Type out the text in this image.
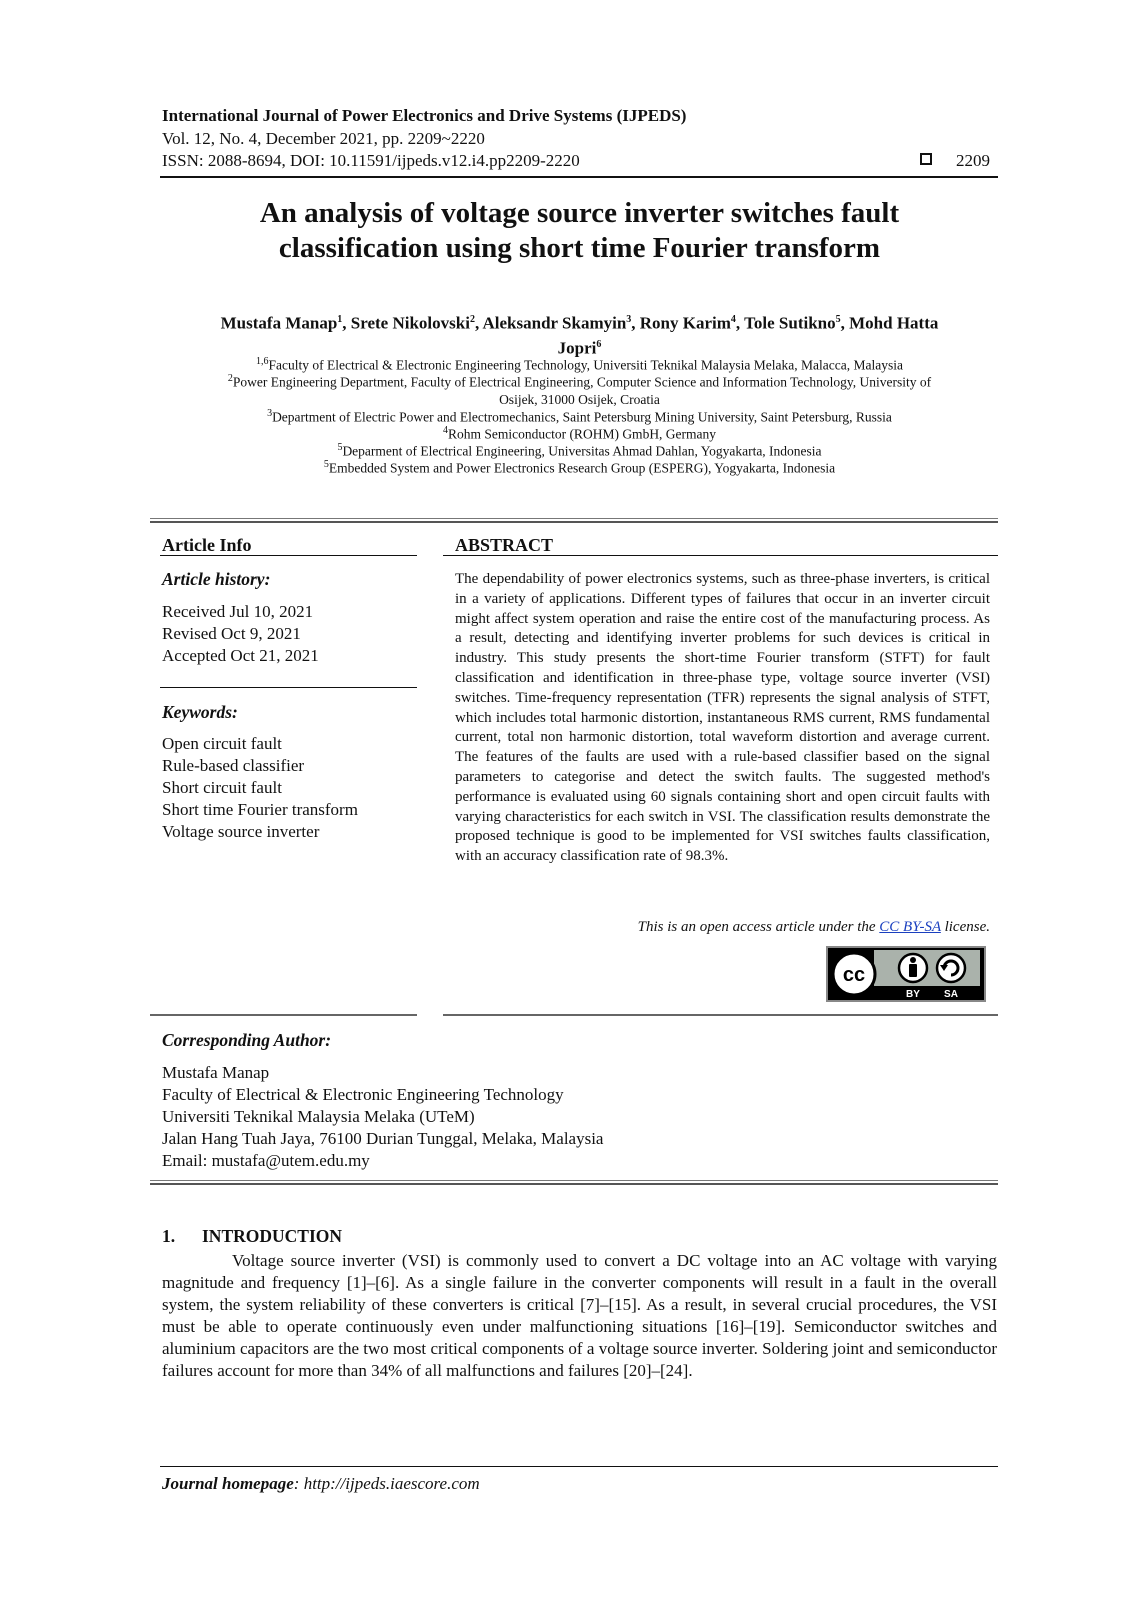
International Journal of Power Electronics and Drive Systems (IJPEDS)
Vol. 12, No. 4, December 2021, pp. 2209~2220
ISSN: 2088-8694, DOI: 10.11591/ijpeds.v12.i4.pp2209-2220	2209
An analysis of voltage source inverter switches fault
classification using short time Fourier transform
Mustafa Manap$^1$, Srete Nikolovski$^2$, Aleksandr Skamyin$^3$, Rony Karim$^4$, Tole Sutikno$^5$, Mohd Hatta
Jopri$^6$
$^{1,6}$Faculty of Electrical & Electronic Engineering Technology, Universiti Teknikal Malaysia Melaka, Malacca, Malaysia
$^2$Power Engineering Department, Faculty of Electrical Engineering, Computer Science and Information Technology, University of
Osijek, 31000 Osijek, Croatia
$^3$Department of Electric Power and Electromechanics, Saint Petersburg Mining University, Saint Petersburg, Russia
$^4$Rohm Semiconductor (ROHM) GmbH, Germany
$^5$Deparment of Electrical Engineering, Universitas Ahmad Dahlan, Yogyakarta, Indonesia
$^5$Embedded System and Power Electronics Research Group (ESPERG), Yogyakarta, Indonesia
Article Info
Article history:
Received Jul 10, 2021
Revised Oct 9, 2021
Accepted Oct 21, 2021
Keywords:
Open circuit fault
Rule-based classifier
Short circuit fault
Short time Fourier transform
Voltage source inverter
ABSTRACT
The dependability of power electronics systems, such as three-phase inverters, is critical in a variety of applications. Different types of failures that occur in an inverter circuit might affect system operation and raise the entire cost of the manufacturing process. As a result, detecting and identifying inverter problems for such devices is critical in industry. This study presents the short-time Fourier transform (STFT) for fault classification and identification in three-phase type, voltage source inverter (VSI) switches. Time-frequency representation (TFR) represents the signal analysis of STFT, which includes total harmonic distortion, instantaneous RMS current, RMS fundamental current, total non harmonic distortion, total waveform distortion and average current. The features of the faults are used with a rule-based classifier based on the signal parameters to categorise and detect the switch faults. The suggested method's performance is evaluated using 60 signals containing short and open circuit faults with varying characteristics for each switch in VSI. The classification results demonstrate the proposed technique is good to be implemented for VSI switches faults classification, with an accuracy classification rate of 98.3%.
This is an open access article under the CC BY-SA license.
cc
BY SA
Corresponding Author:
Mustafa Manap
Faculty of Electrical & Electronic Engineering Technology
Universiti Teknikal Malaysia Melaka (UTeM)
Jalan Hang Tuah Jaya, 76100 Durian Tunggal, Melaka, Malaysia
Email: mustafa@utem.edu.my
1. INTRODUCTION
Voltage source inverter (VSI) is commonly used to convert a DC voltage into an AC voltage with varying magnitude and frequency [1]–[6]. As a single failure in the converter components will result in a fault in the overall system, the system reliability of these converters is critical [7]–[15]. As a result, in several crucial procedures, the VSI must be able to operate continuously even under malfunctioning situations [16]–[19]. Semiconductor switches and aluminium capacitors are the two most critical components of a voltage source inverter. Soldering joint and semiconductor failures account for more than 34% of all malfunctions and failures [20]–[24].
Journal homepage: http://ijpeds.iaescore.com
